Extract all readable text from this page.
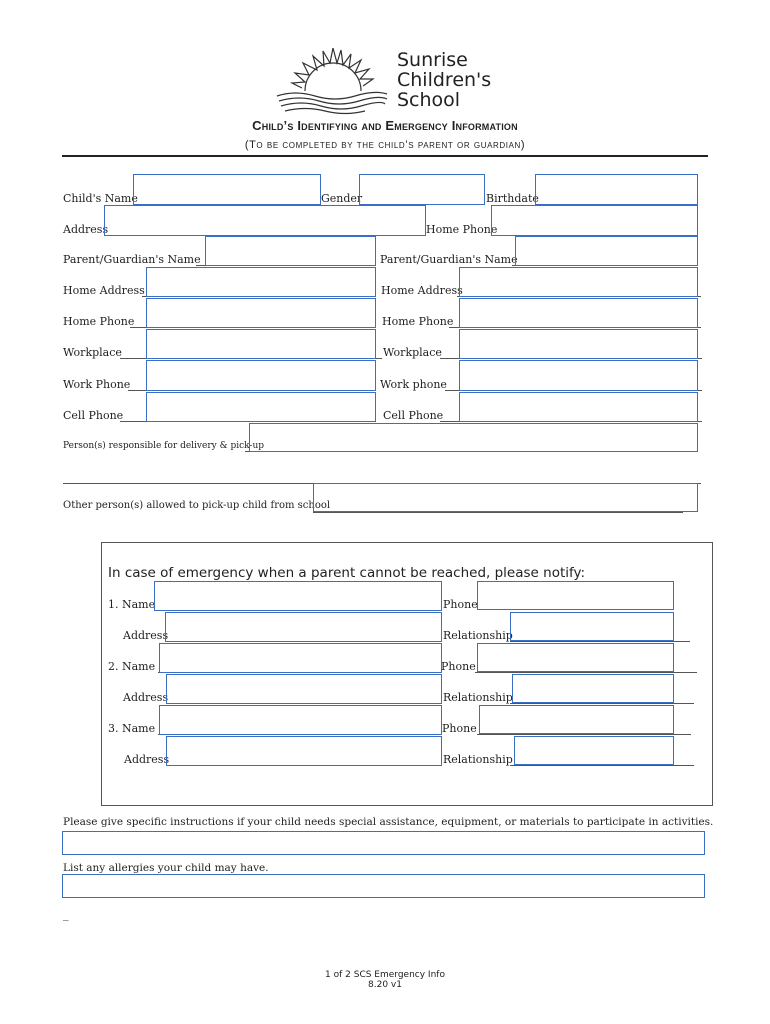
Sunrise
Children's
School
Child’s Identifying and Emergency Information
(To be completed by the child’s parent or guardian)
Child's Name	Gender	Birthdate
Address	Home Phone
Parent/Guardian's Name	Parent/Guardian's Name
Home Address	Home Address
Home Phone	Home Phone
Workplace	Workplace
Work Phone	Work phone
Cell Phone	Cell Phone
Person(s) responsible for delivery & pick-up
Other person(s) allowed to pick-up child from school
In case of emergency when a parent cannot be reached, please notify:
1. Name	Phone
Address	Relationship
2. Name	Phone
Address	Relationship
3. Name	Phone
Address	Relationship
Please give specific instructions if your child needs special assistance, equipment, or materials to participate in activities.
List any allergies your child may have.
_
1 of 2 SCS Emergency Info
8.20 v1
